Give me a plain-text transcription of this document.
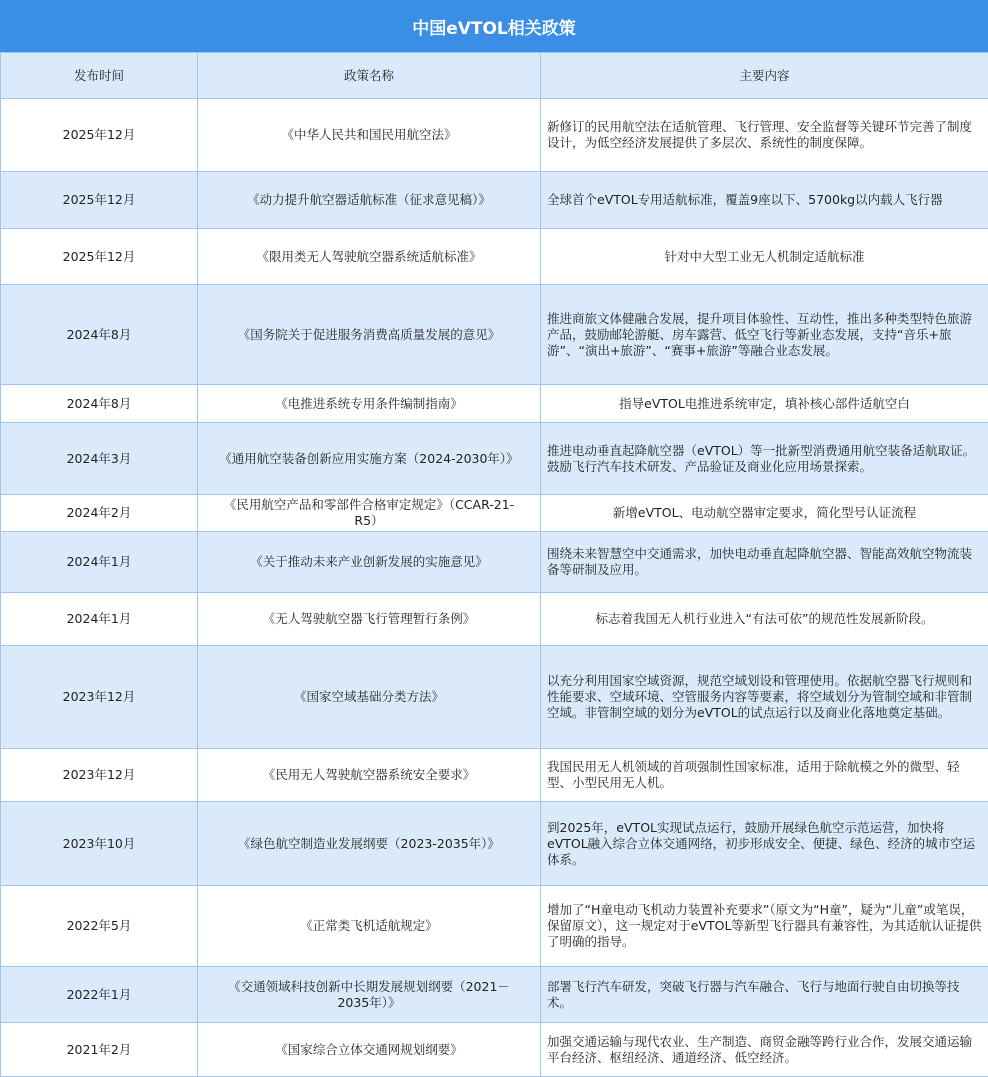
中国eVTOL相关政策
发布时间	政策名称	主要内容
2025年12月	《中华人民共和国民用航空法》	新修订的民用航空法在适航管理、飞行管理、安全监督等关键环节完善了制度设计，为低空经济发展提供了多层次、系统性的制度保障。
2025年12月	《动力提升航空器适航标准（征求意见稿）》	全球首个eVTOL专用适航标准，覆盖9座以下、5700kg以内载人飞行器
2025年12月	《限用类无人驾驶航空器系统适航标准》	针对中大型工业无人机制定适航标准
2024年8月	《国务院关于促进服务消费高质量发展的意见》	推进商旅文体健融合发展，提升项目体验性、互动性，推出多种类型特色旅游产品，鼓励邮轮游艇、房车露营、低空飞行等新业态发展，支持“音乐+旅游”、“演出+旅游”、“赛事+旅游”等融合业态发展。
2024年8月	《电推进系统专用条件编制指南》	指导eVTOL电推进系统审定，填补核心部件适航空白
2024年3月	《通用航空装备创新应用实施方案（2024-2030年）》	推进电动垂直起降航空器（eVTOL）等一批新型消费通用航空装备适航取证。鼓励飞行汽车技术研发、产品验证及商业化应用场景探索。
2024年2月	《民用航空产品和零部件合格审定规定》（CCAR-21-R5）	新增eVTOL、电动航空器审定要求，简化型号认证流程
2024年1月	《关于推动未来产业创新发展的实施意见》	围绕未来智慧空中交通需求，加快电动垂直起降航空器、智能高效航空物流装备等研制及应用。
2024年1月	《无人驾驶航空器飞行管理暂行条例》	标志着我国无人机行业进入“有法可依”的规范性发展新阶段。
2023年12月	《国家空域基础分类方法》	以充分利用国家空域资源，规范空域划设和管理使用。依据航空器飞行规则和性能要求、空域环境、空管服务内容等要素，将空域划分为管制空域和非管制空域。非管制空域的划分为eVTOL的试点运行以及商业化落地奠定基础。
2023年12月	《民用无人驾驶航空器系统安全要求》	我国民用无人机领域的首项强制性国家标准，适用于除航模之外的微型、轻型、小型民用无人机。
2023年10月	《绿色航空制造业发展纲要（2023-2035年）》	到2025年，eVTOL实现试点运行，鼓励开展绿色航空示范运营，加快将eVTOL融入综合立体交通网络，初步形成安全、便捷、绿色、经济的城市空运体系。
2022年5月	《正常类飞机适航规定》	增加了“H童电动飞机动力装置补充要求”（原文为“H童”，疑为“儿童”或笔误，保留原文），这一规定对于eVTOL等新型飞行器具有兼容性，为其适航认证提供了明确的指导。
2022年1月	《交通领域科技创新中长期发展规划纲要（2021－2035年）》	部署飞行汽车研发，突破飞行器与汽车融合、飞行与地面行驶自由切换等技术。
2021年2月	《国家综合立体交通网规划纲要》	加强交通运输与现代农业、生产制造、商贸金融等跨行业合作，发展交通运输平台经济、枢纽经济、通道经济、低空经济。
